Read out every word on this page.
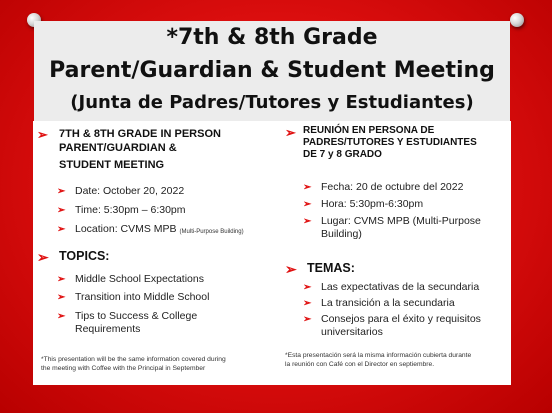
*7th & 8th Grade
Parent/Guardian & Student Meeting
(Junta de Padres/Tutores y Estudiantes)
➢	7TH & 8TH GRADE IN PERSON
PARENT/GUARDIAN &
STUDENT MEETING
➢ Date: October 20, 2022
➢ Time: 5:30pm – 6:30pm
➢ Location: CVMS MPB (Multi-Purpose Building)
➢ TOPICS:
➢ Middle School Expectations
➢ Transition into Middle School
➢ Tips to Success & College
Requirements
*This presentation will be the same information covered during
the meeting with Coffee with the Principal in September
➢ REUNIÓN EN PERSONA DE
PADRES/TUTORES Y ESTUDIANTES
DE 7 y 8 GRADO
➢ Fecha: 20 de octubre del 2022
➢ Hora: 5:30pm-6:30pm
➢ Lugar: CVMS MPB (Multi-Purpose
Building)
➢ TEMAS:
➢ Las expectativas de la secundaria
➢ La transición a la secundaria
➢ Consejos para el éxito y requisitos
universitarios
*Esta presentación será la misma información cubierta durante
la reunión con Café con el Director en septiembre.
